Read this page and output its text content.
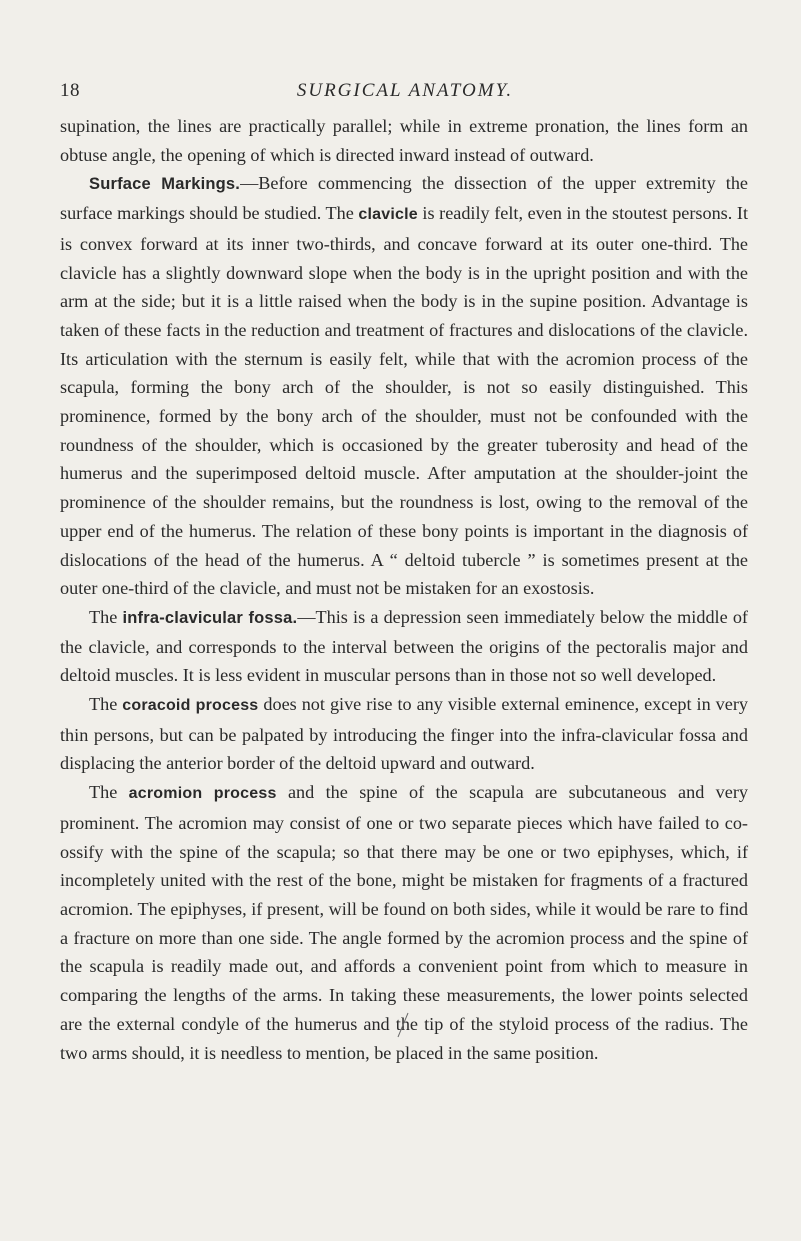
18	SURGICAL ANATOMY.

supination, the lines are practically parallel; while in extreme pronation, the lines form an obtuse angle, the opening of which is directed inward instead of outward.

Surface Markings.—Before commencing the dissection of the upper extremity the surface markings should be studied. The clavicle is readily felt, even in the stoutest persons. It is convex forward at its inner two-thirds, and concave forward at its outer one-third. The clavicle has a slightly downward slope when the body is in the upright position and with the arm at the side; but it is a little raised when the body is in the supine position. Advantage is taken of these facts in the reduction and treatment of fractures and dislocations of the clavicle. Its articulation with the sternum is easily felt, while that with the acromion process of the scapula, forming the bony arch of the shoulder, is not so easily distinguished. This prominence, formed by the bony arch of the shoulder, must not be confounded with the roundness of the shoulder, which is occasioned by the greater tuberosity and head of the humerus and the superimposed deltoid muscle. After amputation at the shoulder-joint the prominence of the shoulder remains, but the roundness is lost, owing to the removal of the upper end of the humerus. The relation of these bony points is important in the diagnosis of dislocations of the head of the humerus. A “ deltoid tubercle ” is sometimes present at the outer one-third of the clavicle, and must not be mistaken for an exostosis.

The infra-clavicular fossa.—This is a depression seen immediately below the middle of the clavicle, and corresponds to the interval between the origins of the pectoralis major and deltoid muscles. It is less evident in muscular persons than in those not so well developed.

The coracoid process does not give rise to any visible external eminence, except in very thin persons, but can be palpated by introducing the finger into the infra-clavicular fossa and displacing the anterior border of the deltoid upward and outward.

The acromion process and the spine of the scapula are subcutaneous and very prominent. The acromion may consist of one or two separate pieces which have failed to co-ossify with the spine of the scapula; so that there may be one or two epiphyses, which, if incompletely united with the rest of the bone, might be mistaken for fragments of a fractured acromion. The epiphyses, if present, will be found on both sides, while it would be rare to find a fracture on more than one side. The angle formed by the acromion process and the spine of the scapula is readily made out, and affords a convenient point from which to measure in comparing the lengths of the arms. In taking these measurements, the lower points selected are the external condyle of the humerus and the tip of the styloid process of the radius. The two arms should, it is needless to mention, be placed in the same position.
